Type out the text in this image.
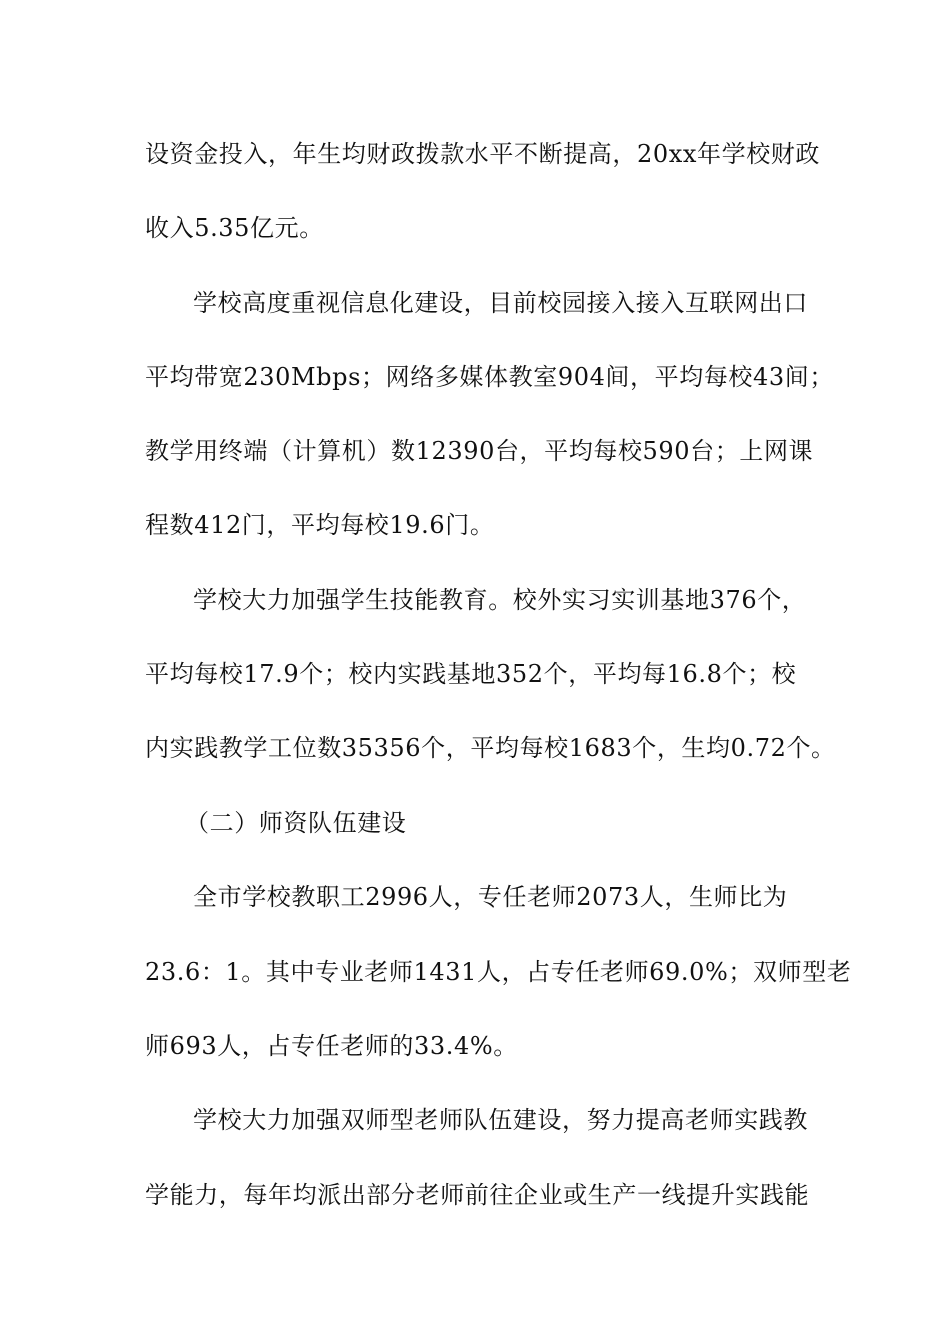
设资金投入，年生均财政拨款水平不断提高，20xx年学校财政
收入5.35亿元。
学校高度重视信息化建设，目前校园接入接入互联网出口
平均带宽230Mbps；网络多媒体教室904间，平均每校43间；
教学用终端（计算机）数12390台，平均每校590台；上网课
程数412门，平均每校19.6门。
学校大力加强学生技能教育。校外实习实训基地376个，
平均每校17.9个；校内实践基地352个，平均每16.8个；校
内实践教学工位数35356个，平均每校1683个，生均0.72个。
（二）师资队伍建设
全市学校教职工2996人，专任老师2073人，生师比为
23.6：1。其中专业老师1431人，占专任老师69.0%；双师型老
师693人，占专任老师的33.4%。
学校大力加强双师型老师队伍建设，努力提高老师实践教
学能力，每年均派出部分老师前往企业或生产一线提升实践能
